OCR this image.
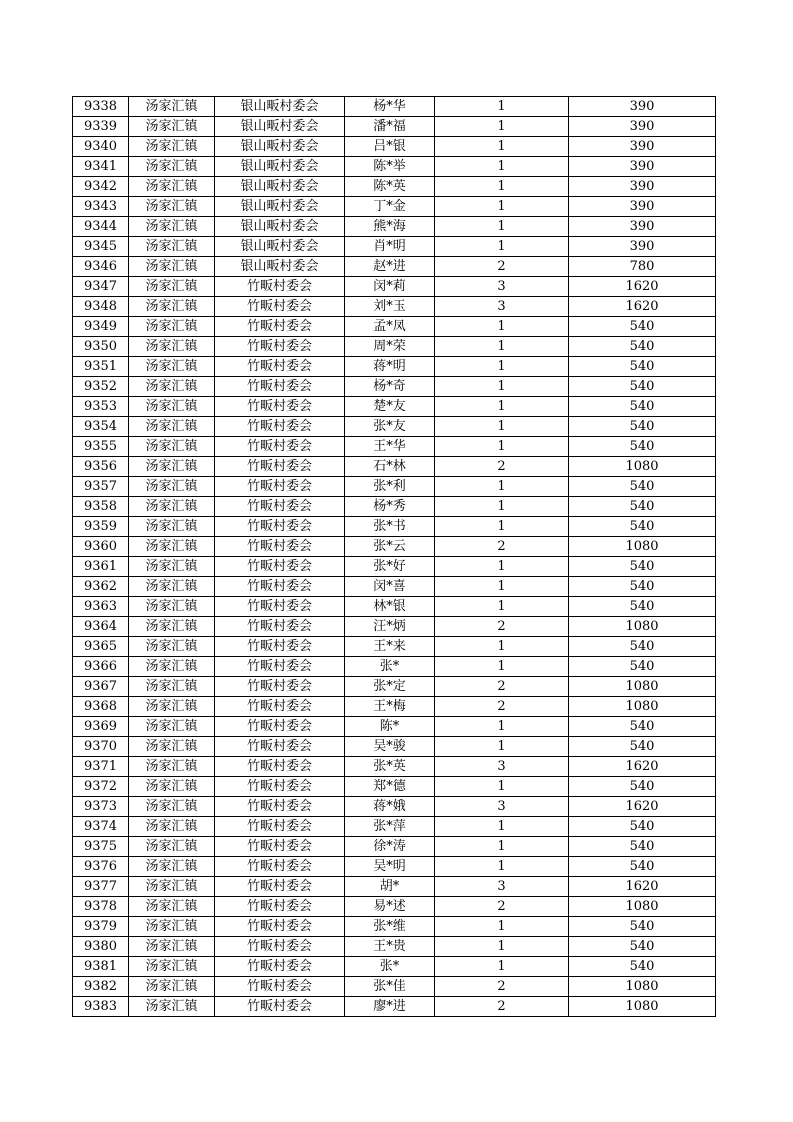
9338	汤家汇镇	银山畈村委会	杨*华	1	390
9339	汤家汇镇	银山畈村委会	潘*福	1	390
9340	汤家汇镇	银山畈村委会	吕*银	1	390
9341	汤家汇镇	银山畈村委会	陈*举	1	390
9342	汤家汇镇	银山畈村委会	陈*英	1	390
9343	汤家汇镇	银山畈村委会	丁*金	1	390
9344	汤家汇镇	银山畈村委会	熊*海	1	390
9345	汤家汇镇	银山畈村委会	肖*明	1	390
9346	汤家汇镇	银山畈村委会	赵*进	2	780
9347	汤家汇镇	竹畈村委会	闵*莉	3	1620
9348	汤家汇镇	竹畈村委会	刘*玉	3	1620
9349	汤家汇镇	竹畈村委会	孟*凤	1	540
9350	汤家汇镇	竹畈村委会	周*荣	1	540
9351	汤家汇镇	竹畈村委会	蒋*明	1	540
9352	汤家汇镇	竹畈村委会	杨*奇	1	540
9353	汤家汇镇	竹畈村委会	楚*友	1	540
9354	汤家汇镇	竹畈村委会	张*友	1	540
9355	汤家汇镇	竹畈村委会	王*华	1	540
9356	汤家汇镇	竹畈村委会	石*林	2	1080
9357	汤家汇镇	竹畈村委会	张*利	1	540
9358	汤家汇镇	竹畈村委会	杨*秀	1	540
9359	汤家汇镇	竹畈村委会	张*书	1	540
9360	汤家汇镇	竹畈村委会	张*云	2	1080
9361	汤家汇镇	竹畈村委会	张*好	1	540
9362	汤家汇镇	竹畈村委会	闵*喜	1	540
9363	汤家汇镇	竹畈村委会	林*银	1	540
9364	汤家汇镇	竹畈村委会	汪*炳	2	1080
9365	汤家汇镇	竹畈村委会	王*来	1	540
9366	汤家汇镇	竹畈村委会	张*	1	540
9367	汤家汇镇	竹畈村委会	张*定	2	1080
9368	汤家汇镇	竹畈村委会	王*梅	2	1080
9369	汤家汇镇	竹畈村委会	陈*	1	540
9370	汤家汇镇	竹畈村委会	吴*骏	1	540
9371	汤家汇镇	竹畈村委会	张*英	3	1620
9372	汤家汇镇	竹畈村委会	郑*德	1	540
9373	汤家汇镇	竹畈村委会	蒋*娥	3	1620
9374	汤家汇镇	竹畈村委会	张*萍	1	540
9375	汤家汇镇	竹畈村委会	徐*涛	1	540
9376	汤家汇镇	竹畈村委会	吴*明	1	540
9377	汤家汇镇	竹畈村委会	胡*	3	1620
9378	汤家汇镇	竹畈村委会	易*述	2	1080
9379	汤家汇镇	竹畈村委会	张*维	1	540
9380	汤家汇镇	竹畈村委会	王*贵	1	540
9381	汤家汇镇	竹畈村委会	张*	1	540
9382	汤家汇镇	竹畈村委会	张*佳	2	1080
9383	汤家汇镇	竹畈村委会	廖*进	2	1080
